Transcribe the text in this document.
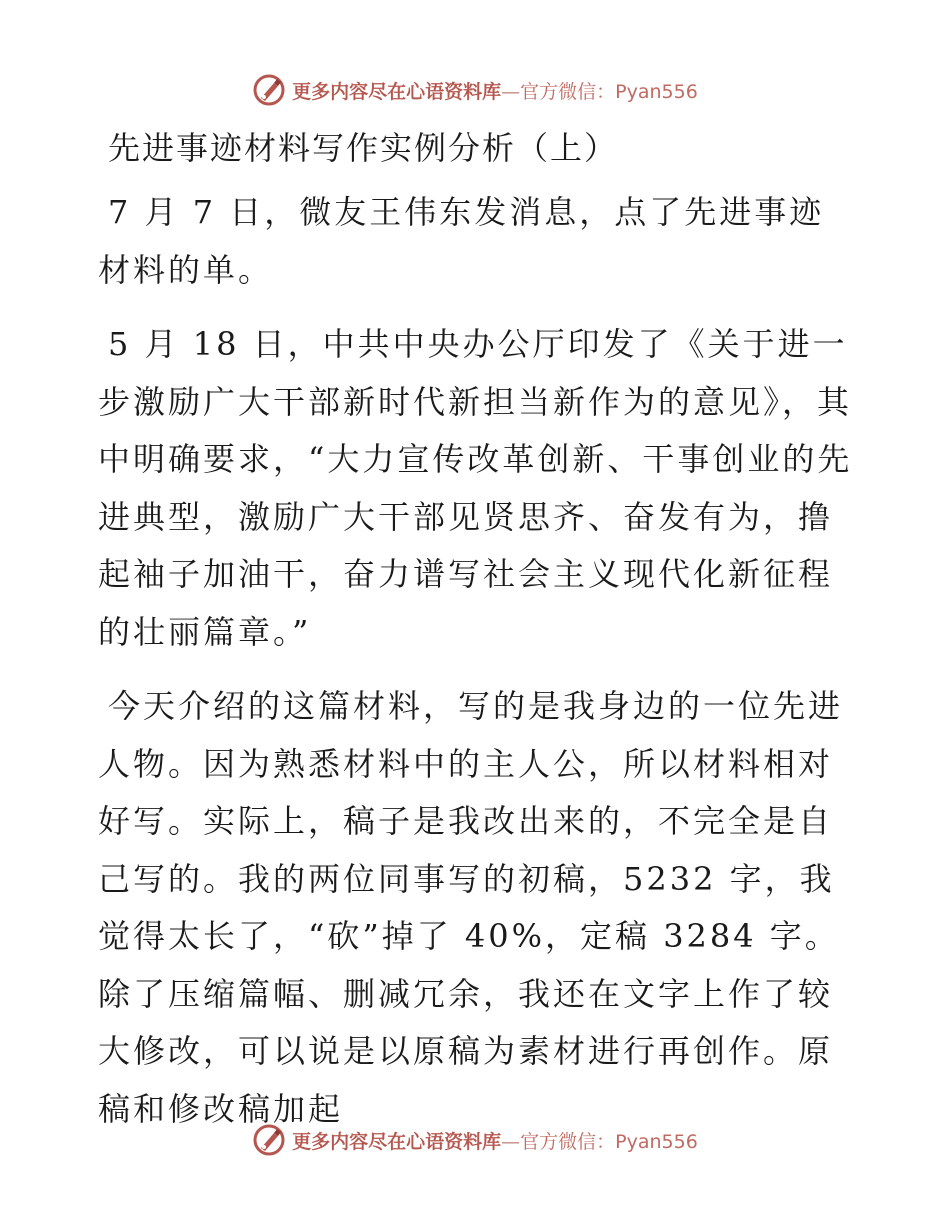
更多内容尽在心语资料库—官方微信：Pyan556
先进事迹材料写作实例分析（上）

7 月 7 日，微友王伟东发消息，点了先进事迹材料的单。

5 月 18 日，中共中央办公厅印发了《关于进一步激励广大干部新时代新担当新作为的意见》，其中明确要求，“大力宣传改革创新、干事创业的先进典型，激励广大干部见贤思齐、奋发有为，撸起袖子加油干，奋力谱写社会主义现代化新征程的壮丽篇章。”

今天介绍的这篇材料，写的是我身边的一位先进人物。因为熟悉材料中的主人公，所以材料相对好写。实际上，稿子是我改出来的，不完全是自己写的。我的两位同事写的初稿，5232 字，我觉得太长了，“砍”掉了 40%，定稿 3284 字。除了压缩篇幅、删减冗余，我还在文字上作了较大修改，可以说是以原稿为素材进行再创作。原稿和修改稿加起

更多内容尽在心语资料库—官方微信：Pyan556
